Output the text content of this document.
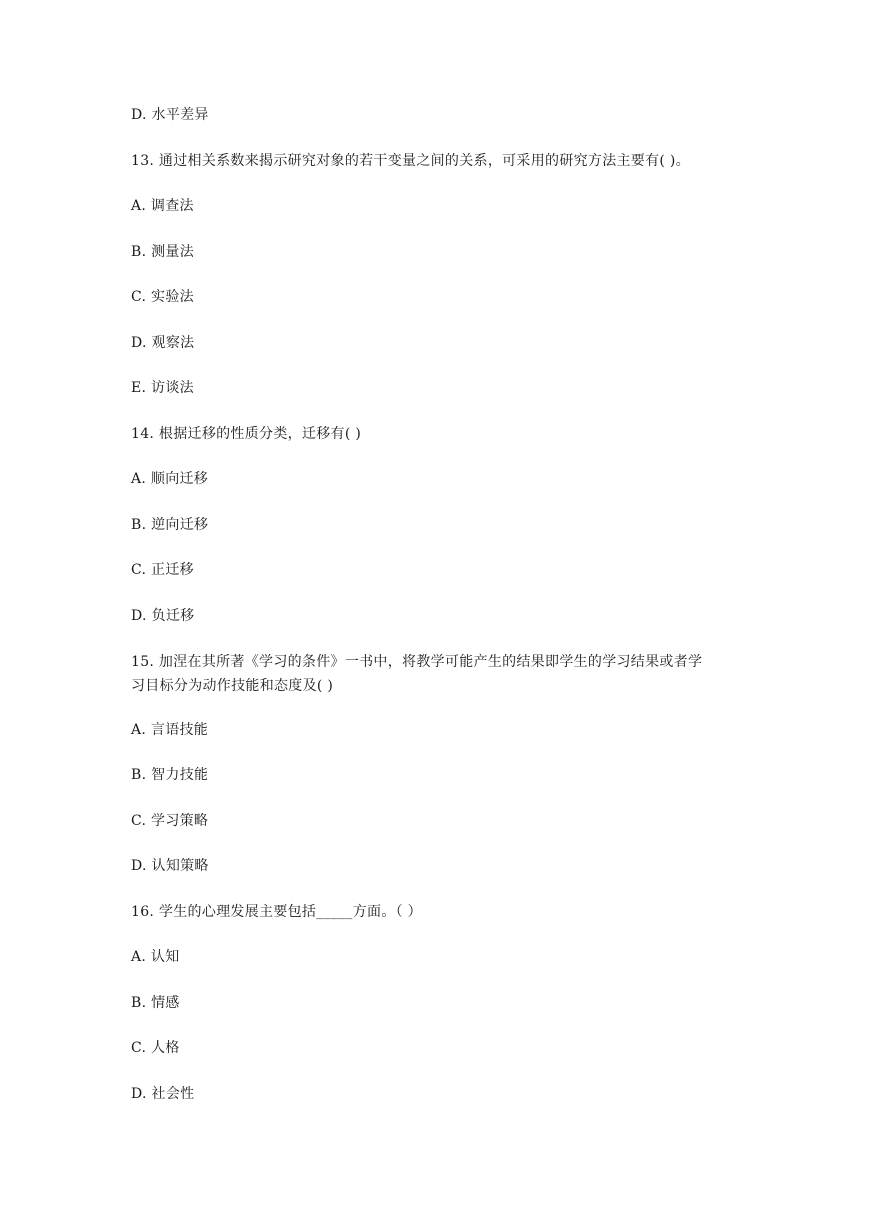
D. 水平差异
13. 通过相关系数来揭示研究对象的若干变量之间的关系，可采用的研究方法主要有( )。
A. 调查法
B. 测量法
C. 实验法
D. 观察法
E. 访谈法
14. 根据迁移的性质分类，迁移有( )
A. 顺向迁移
B. 逆向迁移
C. 正迁移
D. 负迁移
15. 加涅在其所著《学习的条件》一书中，将教学可能产生的结果即学生的学习结果或者学
习目标分为动作技能和态度及( )
A. 言语技能
B. 智力技能
C. 学习策略
D. 认知策略
16. 学生的心理发展主要包括_____方面。（ ）
A. 认知
B. 情感
C. 人格
D. 社会性
